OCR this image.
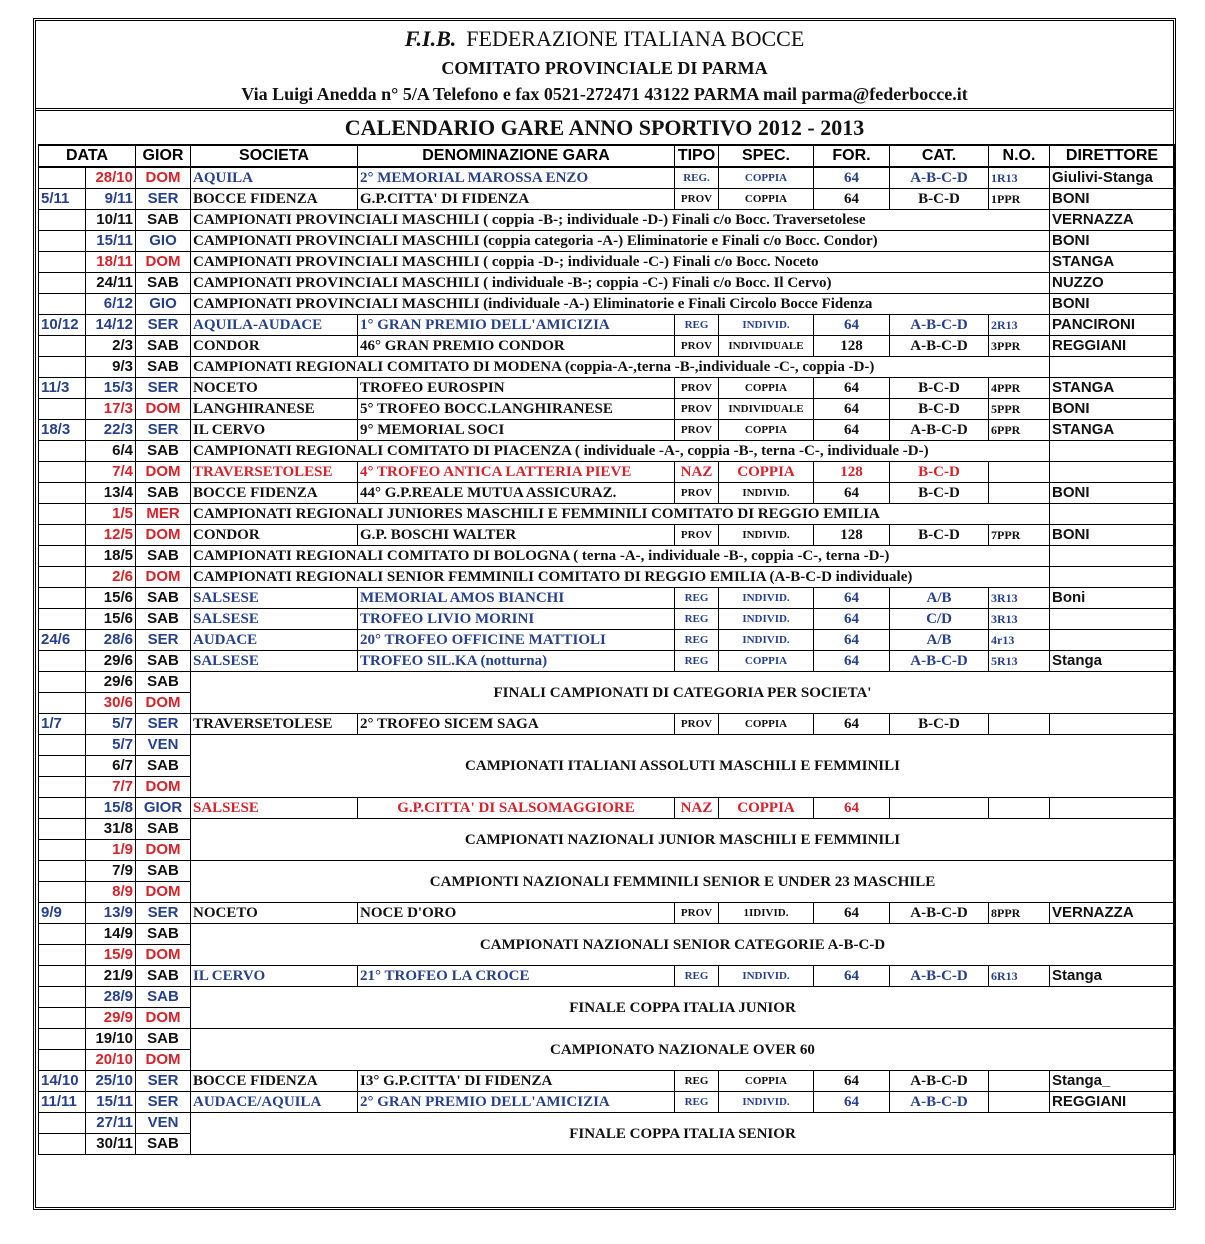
F.I.B. FEDERAZIONE ITALIANA BOCCE
COMITATO PROVINCIALE DI PARMA
Via Luigi Anedda n° 5/A Telefono e fax 0521-272471 43122 PARMA mail parma@federbocce.it
CALENDARIO GARE ANNO SPORTIVO 2012 - 2013
DATA		GIOR	SOCIETA	DENOMINAZIONE GARA	TIPO	SPEC.	FOR.	CAT.	N.O.	DIRETTORE
	28/10	DOM	AQUILA	2° MEMORIAL MAROSSA ENZO	REG.	COPPIA	64	A-B-C-D	1R13	Giulivi-Stanga
5/11	9/11	SER	BOCCE FIDENZA	G.P.CITTA' DI FIDENZA	PROV	COPPIA	64	B-C-D	1PPR	BONI
	10/11	SAB	CAMPIONATI PROVINCIALI MASCHILI ( coppia -B-; individuale -D-) Finali c/o Bocc. Traversetolese							VERNAZZA
	15/11	GIO	CAMPIONATI PROVINCIALI MASCHILI (coppia categoria -A-) Eliminatorie e Finali c/o Bocc. Condor)							BONI
	18/11	DOM	CAMPIONATI PROVINCIALI MASCHILI ( coppia -D-; individuale -C-) Finali c/o Bocc. Noceto							STANGA
	24/11	SAB	CAMPIONATI PROVINCIALI MASCHILI ( individuale -B-; coppia -C-) Finali c/o Bocc. Il Cervo)							NUZZO
	6/12	GIO	CAMPIONATI PROVINCIALI MASCHILI (individuale -A-) Eliminatorie e Finali Circolo Bocce Fidenza							BONI
10/12	14/12	SER	AQUILA-AUDACE	1° GRAN PREMIO DELL'AMICIZIA	REG	INDIVID.	64	A-B-C-D	2R13	PANCIRONI
	2/3	SAB	CONDOR	46° GRAN PREMIO CONDOR	PROV	INDIVIDUALE	128	A-B-C-D	3PPR	REGGIANI
	9/3	SAB	CAMPIONATI REGIONALI COMITATO DI MODENA (coppia-A-,terna -B-,individuale -C-, coppia -D-)							
11/3	15/3	SER	NOCETO	TROFEO EUROSPIN	PROV	COPPIA	64	B-C-D	4PPR	STANGA
	17/3	DOM	LANGHIRANESE	5° TROFEO BOCC.LANGHIRANESE	PROV	INDIVIDUALE	64	B-C-D	5PPR	BONI
18/3	22/3	SER	IL CERVO	9° MEMORIAL SOCI	PROV	COPPIA	64	A-B-C-D	6PPR	STANGA
	6/4	SAB	CAMPIONATI REGIONALI COMITATO DI PIACENZA ( individuale -A-, coppia -B-, terna -C-, individuale -D-)							
	7/4	DOM	TRAVERSETOLESE	4° TROFEO ANTICA LATTERIA PIEVE	NAZ	COPPIA	128	B-C-D		
	13/4	SAB	BOCCE FIDENZA	44° G.P.REALE MUTUA ASSICURAZ.	PROV	INDIVID.	64	B-C-D		BONI
	1/5	MER	CAMPIONATI REGIONALI JUNIORES MASCHILI E FEMMINILI COMITATO DI REGGIO EMILIA							
	12/5	DOM	CONDOR	G.P. BOSCHI WALTER	PROV	INDIVID.	128	B-C-D	7PPR	BONI
	18/5	SAB	CAMPIONATI REGIONALI COMITATO DI BOLOGNA ( terna -A-, individuale -B-, coppia -C-, terna -D-)							
	2/6	DOM	CAMPIONATI REGIONALI SENIOR FEMMINILI COMITATO DI REGGIO EMILIA (A-B-C-D individuale)							
	15/6	SAB	SALSESE	MEMORIAL AMOS BIANCHI	REG	INDIVID.	64	A/B	3R13	Boni
	15/6	SAB	SALSESE	TROFEO LIVIO MORINI	REG	INDIVID.	64	C/D	3R13	
24/6	28/6	SER	AUDACE	20° TROFEO OFFICINE MATTIOLI	REG	INDIVID.	64	A/B	4r13	
	29/6	SAB	SALSESE	TROFEO SIL.KA (notturna)	REG	COPPIA	64	A-B-C-D	5R13	Stanga
	29/6	SAB	FINALI CAMPIONATI DI CATEGORIA PER SOCIETA'							
	30/6	DOM								
1/7	5/7	SER	TRAVERSETOLESE	2° TROFEO SICEM SAGA	PROV	COPPIA	64	B-C-D		
	5/7	VEN	CAMPIONATI ITALIANI ASSOLUTI MASCHILI E FEMMINILI							
	6/7	SAB								
	7/7	DOM								
	15/8	GIOR	SALSESE	G.P.CITTA' DI SALSOMAGGIORE	NAZ	COPPIA	64			
	31/8	SAB	CAMPIONATI NAZIONALI JUNIOR MASCHILI E FEMMINILI							
	1/9	DOM								
	7/9	SAB	CAMPIONTI NAZIONALI FEMMINILI SENIOR E UNDER 23 MASCHILE							
	8/9	DOM								
9/9	13/9	SER	NOCETO	NOCE D'ORO	PROV	1IDIVID.	64	A-B-C-D	8PPR	VERNAZZA
	14/9	SAB	CAMPIONATI NAZIONALI SENIOR CATEGORIE A-B-C-D							
	15/9	DOM								
	21/9	SAB	IL CERVO	21° TROFEO LA CROCE	REG	INDIVID.	64	A-B-C-D	6R13	Stanga
	28/9	SAB	FINALE COPPA ITALIA JUNIOR							
	29/9	DOM								
	19/10	SAB	CAMPIONATO NAZIONALE OVER 60							
	20/10	DOM								
14/10	25/10	SER	BOCCE FIDENZA	I3° G.P.CITTA' DI FIDENZA	REG	COPPIA	64	A-B-C-D		Stanga_
11/11	15/11	SER	AUDACE/AQUILA	2° GRAN PREMIO DELL'AMICIZIA	REG	INDIVID.	64	A-B-C-D		REGGIANI
	27/11	VEN	FINALE COPPA ITALIA SENIOR							
	30/11	SAB								
